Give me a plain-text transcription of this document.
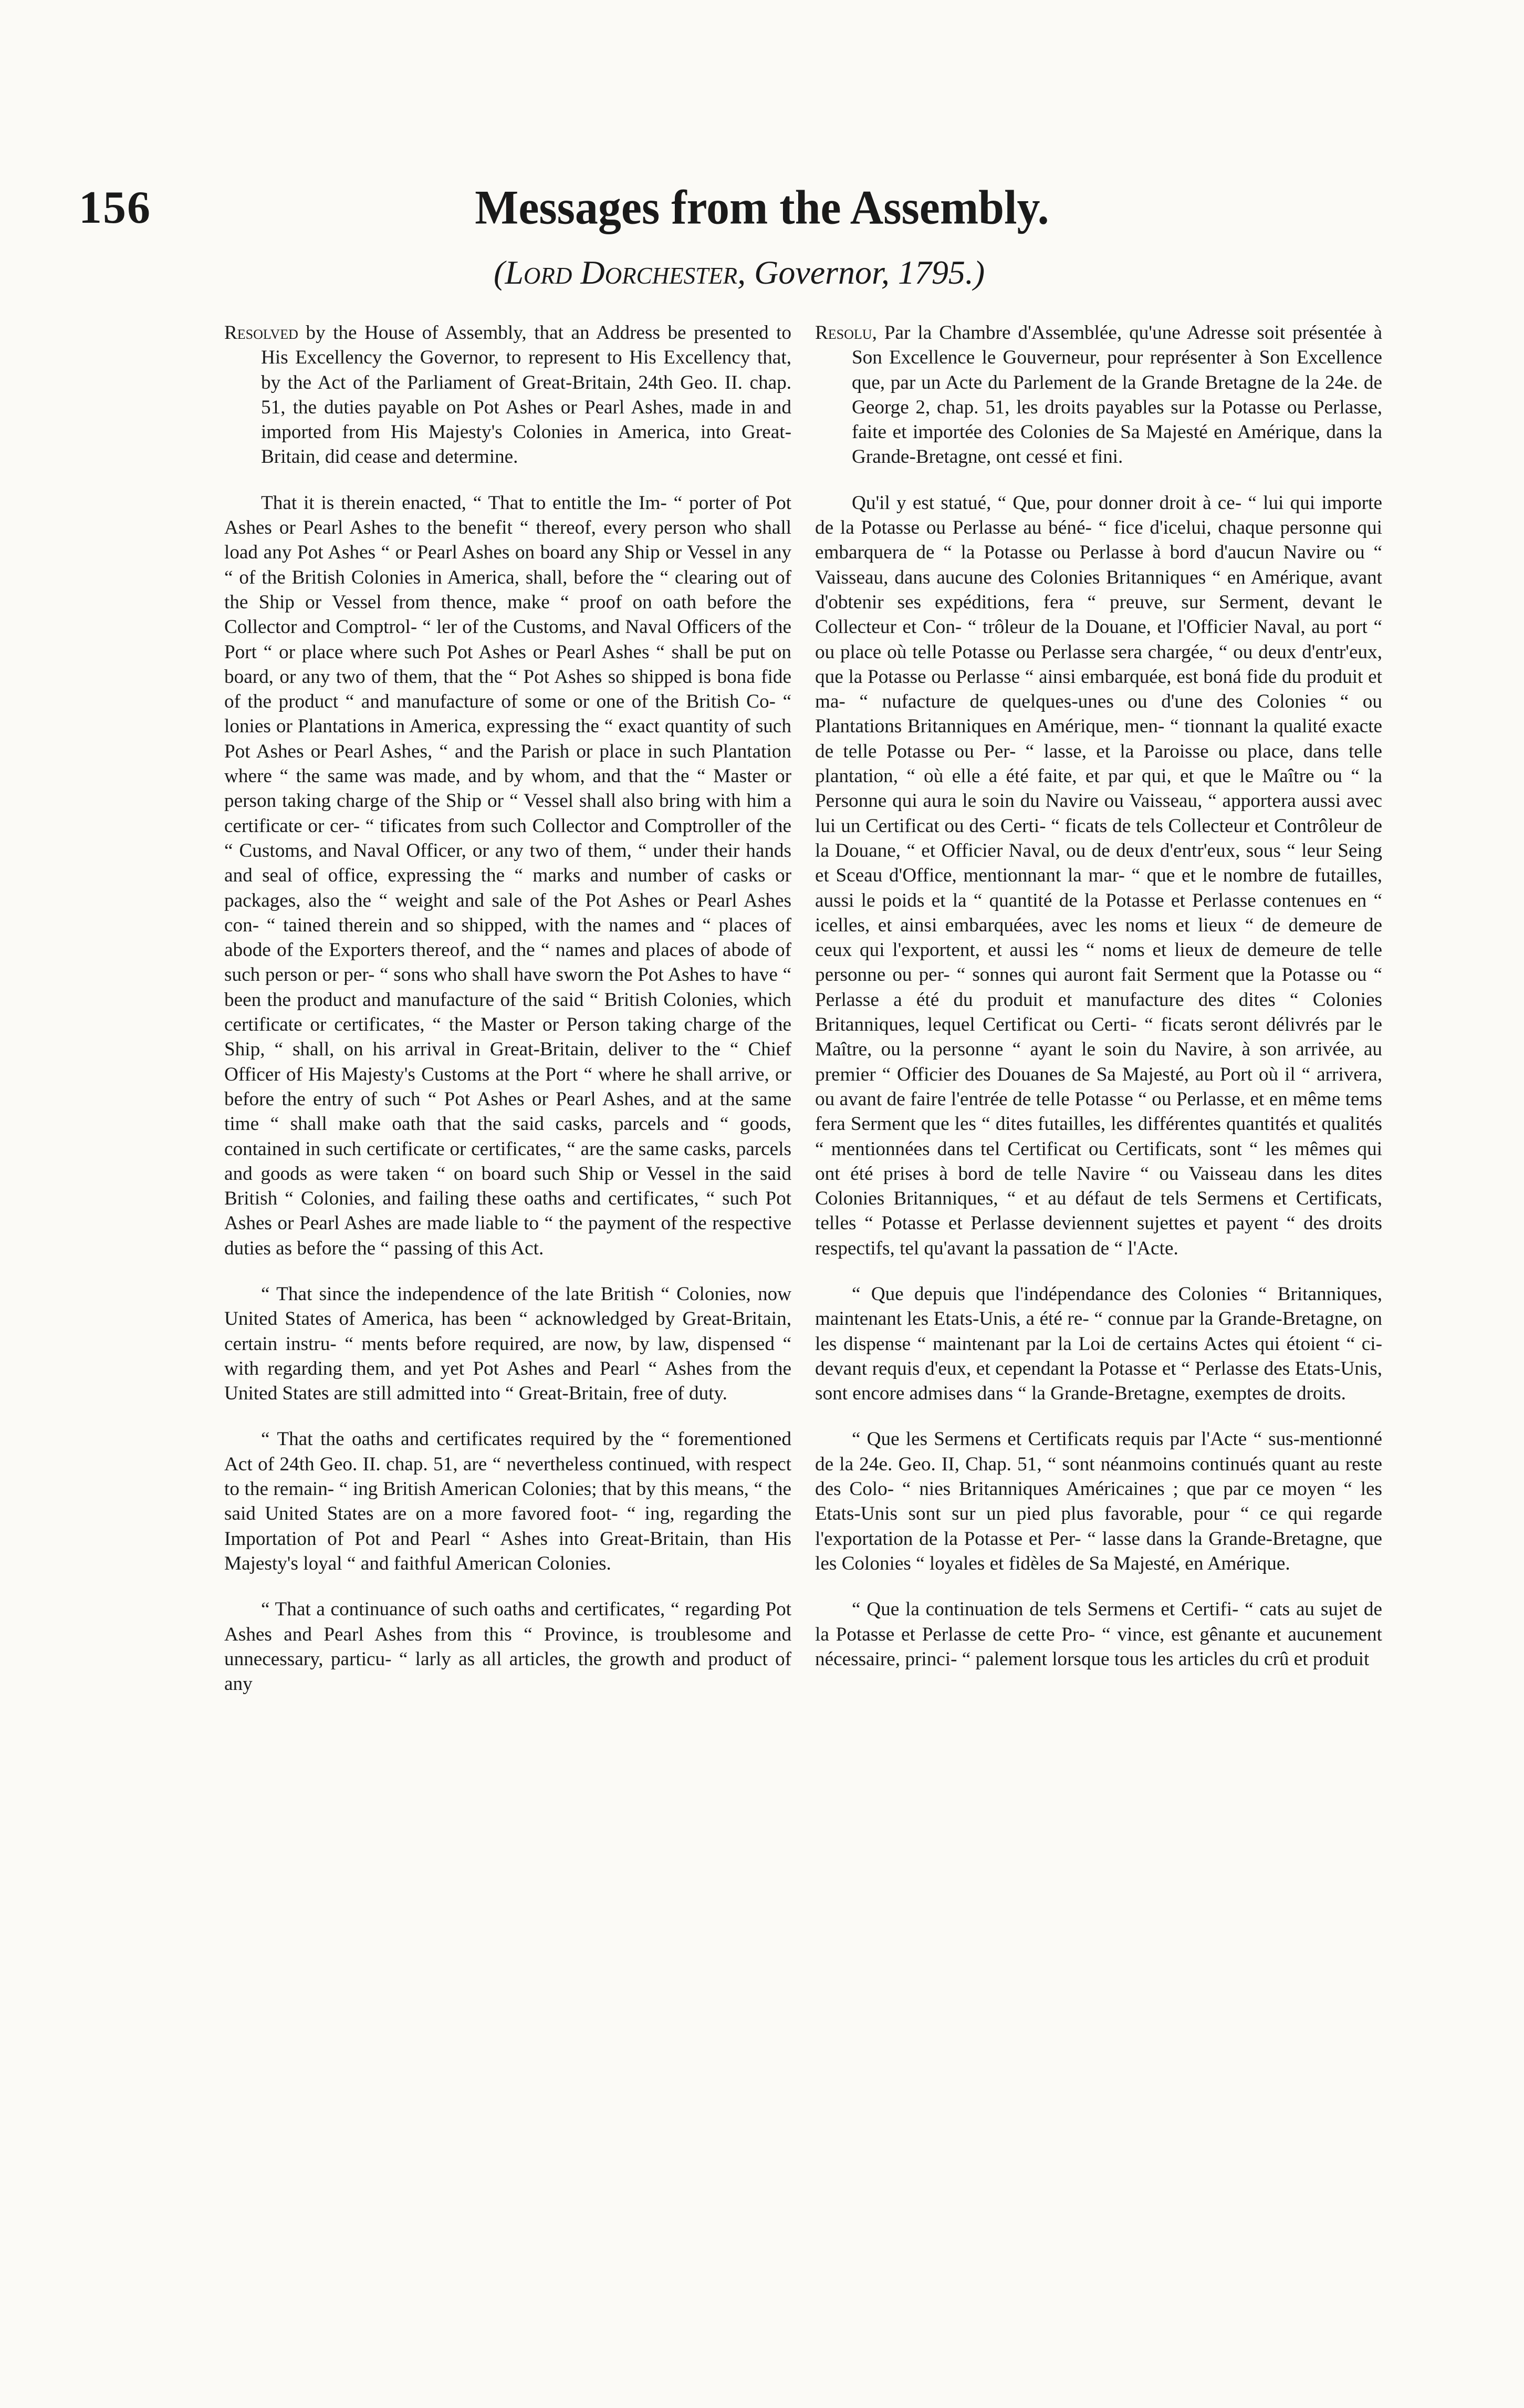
156	Messages from the Assembly.
(Lord Dorchester, Governor, 1795.)

Resolved by the House of Assembly, that an Address be presented to His Excellency the Governor, to represent to His Excellency that, by the Act of the Parliament of Great-Britain, 24th Geo. II. chap. 51, the duties payable on Pot Ashes or Pearl Ashes, made in and imported from His Majesty's Colonies in America, into Great-Britain, did cease and determine.

That it is therein enacted, “ That to entitle the Im- “ porter of Pot Ashes or Pearl Ashes to the benefit “ thereof, every person who shall load any Pot Ashes “ or Pearl Ashes on board any Ship or Vessel in any “ of the British Colonies in America, shall, before the “ clearing out of the Ship or Vessel from thence, make “ proof on oath before the Collector and Comptrol- “ ler of the Customs, and Naval Officers of the Port “ or place where such Pot Ashes or Pearl Ashes “ shall be put on board, or any two of them, that the “ Pot Ashes so shipped is bona fide of the product “ and manufacture of some or one of the British Co- “ lonies or Plantations in America, expressing the “ exact quantity of such Pot Ashes or Pearl Ashes, “ and the Parish or place in such Plantation where “ the same was made, and by whom, and that the “ Master or person taking charge of the Ship or “ Vessel shall also bring with him a certificate or cer- “ tificates from such Collector and Comptroller of the “ Customs, and Naval Officer, or any two of them, “ under their hands and seal of office, expressing the “ marks and number of casks or packages, also the “ weight and sale of the Pot Ashes or Pearl Ashes con- “ tained therein and so shipped, with the names and “ places of abode of the Exporters thereof, and the “ names and places of abode of such person or per- “ sons who shall have sworn the Pot Ashes to have “ been the product and manufacture of the said “ British Colonies, which certificate or certificates, “ the Master or Person taking charge of the Ship, “ shall, on his arrival in Great-Britain, deliver to the “ Chief Officer of His Majesty's Customs at the Port “ where he shall arrive, or before the entry of such “ Pot Ashes or Pearl Ashes, and at the same time “ shall make oath that the said casks, parcels and “ goods, contained in such certificate or certificates, “ are the same casks, parcels and goods as were taken “ on board such Ship or Vessel in the said British “ Colonies, and failing these oaths and certificates, “ such Pot Ashes or Pearl Ashes are made liable to “ the payment of the respective duties as before the “ passing of this Act.

“ That since the independence of the late British “ Colonies, now United States of America, has been “ acknowledged by Great-Britain, certain instru- “ ments before required, are now, by law, dispensed “ with regarding them, and yet Pot Ashes and Pearl “ Ashes from the United States are still admitted into “ Great-Britain, free of duty.

“ That the oaths and certificates required by the “ forementioned Act of 24th Geo. II. chap. 51, are “ nevertheless continued, with respect to the remain- “ ing British American Colonies; that by this means, “ the said United States are on a more favored foot- “ ing, regarding the Importation of Pot and Pearl “ Ashes into Great-Britain, than His Majesty's loyal “ and faithful American Colonies.

“ That a continuance of such oaths and certificates, “ regarding Pot Ashes and Pearl Ashes from this “ Province, is troublesome and unnecessary, particu- “ larly as all articles, the growth and product of any

Resolu, Par la Chambre d'Assemblée, qu'une Adresse soit présentée à Son Excellence le Gouverneur, pour représenter à Son Excellence que, par un Acte du Parlement de la Grande Bretagne de la 24e. de George 2, chap. 51, les droits payables sur la Potasse ou Perlasse, faite et importée des Colonies de Sa Majesté en Amérique, dans la Grande-Bretagne, ont cessé et fini.

Qu'il y est statué, “ Que, pour donner droit à ce- “ lui qui importe de la Potasse ou Perlasse au béné- “ fice d'icelui, chaque personne qui embarquera de “ la Potasse ou Perlasse à bord d'aucun Navire ou “ Vaisseau, dans aucune des Colonies Britanniques “ en Amérique, avant d'obtenir ses expéditions, fera “ preuve, sur Serment, devant le Collecteur et Con- “ trôleur de la Douane, et l'Officier Naval, au port “ ou place où telle Potasse ou Perlasse sera chargée, “ ou deux d'entr'eux, que la Potasse ou Perlasse “ ainsi embarquée, est boná fide du produit et ma- “ nufacture de quelques-unes ou d'une des Colonies “ ou Plantations Britanniques en Amérique, men- “ tionnant la qualité exacte de telle Potasse ou Per- “ lasse, et la Paroisse ou place, dans telle plantation, “ où elle a été faite, et par qui, et que le Maître ou “ la Personne qui aura le soin du Navire ou Vaisseau, “ apportera aussi avec lui un Certificat ou des Certi- “ ficats de tels Collecteur et Contrôleur de la Douane, “ et Officier Naval, ou de deux d'entr'eux, sous “ leur Seing et Sceau d'Office, mentionnant la mar- “ que et le nombre de futailles, aussi le poids et la “ quantité de la Potasse et Perlasse contenues en “ icelles, et ainsi embarquées, avec les noms et lieux “ de demeure de ceux qui l'exportent, et aussi les “ noms et lieux de demeure de telle personne ou per- “ sonnes qui auront fait Serment que la Potasse ou “ Perlasse a été du produit et manufacture des dites “ Colonies Britanniques, lequel Certificat ou Certi- “ ficats seront délivrés par le Maître, ou la personne “ ayant le soin du Navire, à son arrivée, au premier “ Officier des Douanes de Sa Majesté, au Port où il “ arrivera, ou avant de faire l'entrée de telle Potasse “ ou Perlasse, et en même tems fera Serment que les “ dites futailles, les différentes quantités et qualités “ mentionnées dans tel Certificat ou Certificats, sont “ les mêmes qui ont été prises à bord de telle Navire “ ou Vaisseau dans les dites Colonies Britanniques, “ et au défaut de tels Sermens et Certificats, telles “ Potasse et Perlasse deviennent sujettes et payent “ des droits respectifs, tel qu'avant la passation de “ l'Acte.

“ Que depuis que l'indépendance des Colonies “ Britanniques, maintenant les Etats-Unis, a été re- “ connue par la Grande-Bretagne, on les dispense “ maintenant par la Loi de certains Actes qui étoient “ ci-devant requis d'eux, et cependant la Potasse et “ Perlasse des Etats-Unis, sont encore admises dans “ la Grande-Bretagne, exemptes de droits.

“ Que les Sermens et Certificats requis par l'Acte “ sus-mentionné de la 24e. Geo. II, Chap. 51, “ sont néanmoins continués quant au reste des Colo- “ nies Britanniques Américaines ; que par ce moyen “ les Etats-Unis sont sur un pied plus favorable, pour “ ce qui regarde l'exportation de la Potasse et Per- “ lasse dans la Grande-Bretagne, que les Colonies “ loyales et fidèles de Sa Majesté, en Amérique.

“ Que la continuation de tels Sermens et Certifi- “ cats au sujet de la Potasse et Perlasse de cette Pro- “ vince, est gênante et aucunement nécessaire, princi- “ palement lorsque tous les articles du crû et produit
